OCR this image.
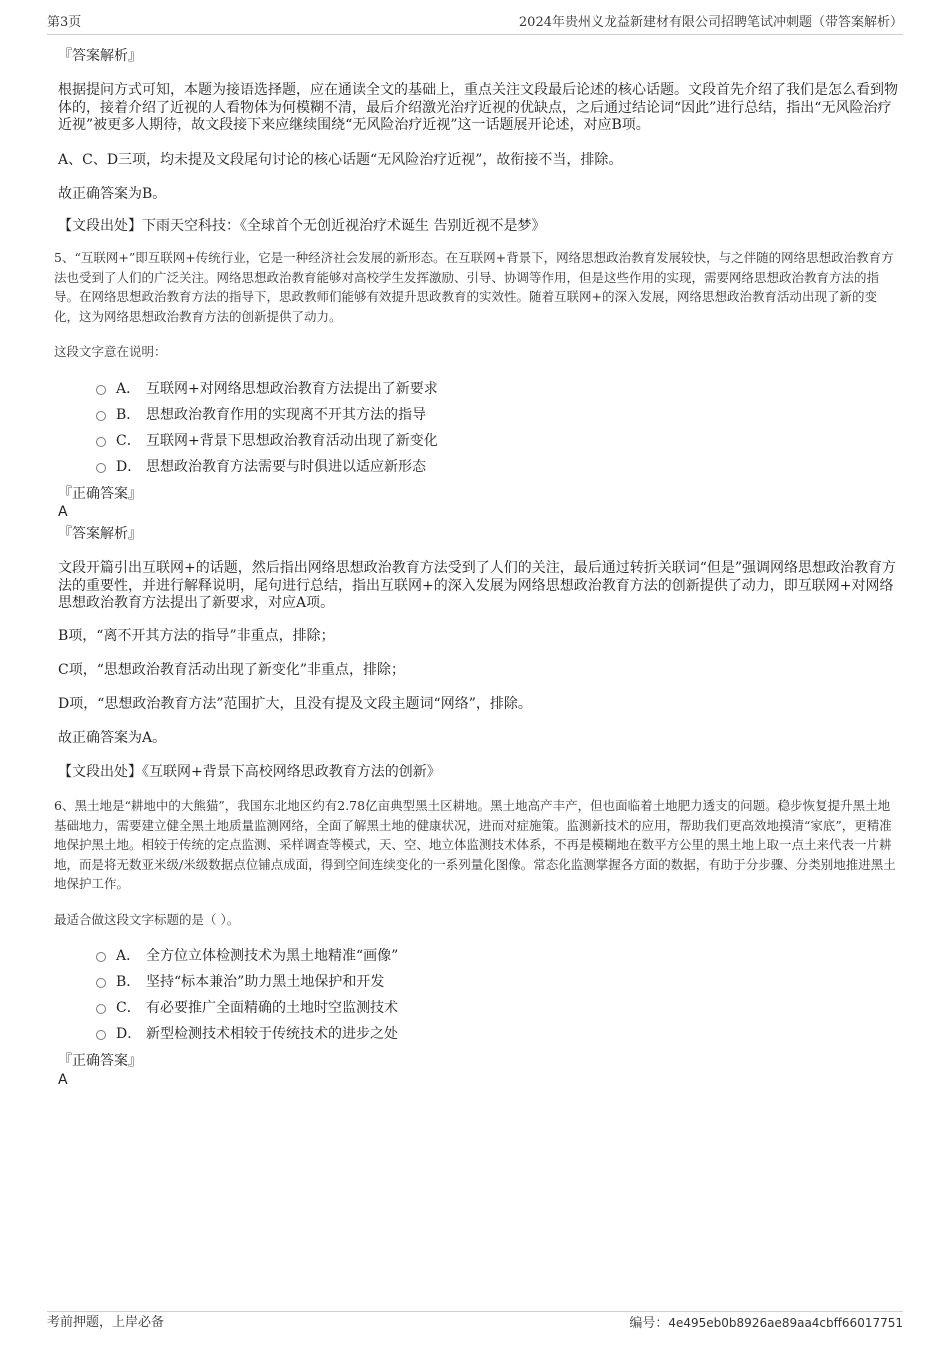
第3页	2024年贵州义龙益新建材有限公司招聘笔试冲刺题（带答案解析）
『答案解析』
根据提问方式可知，本题为接语选择题，应在通读全文的基础上，重点关注文段最后论述的核心话题。文段首先介绍了我们是怎么看到物体的，接着介绍了近视的人看物体为何模糊不清，最后介绍激光治疗近视的优缺点，之后通过结论词“因此”进行总结，指出“无风险治疗近视”被更多人期待，故文段接下来应继续围绕“无风险治疗近视”这一话题展开论述，对应B项。
A、C、D三项，均未提及文段尾句讨论的核心话题“无风险治疗近视”，故衔接不当，排除。
故正确答案为B。
【文段出处】下雨天空科技：《全球首个无创近视治疗术诞生 告别近视不是梦》
5、“互联网+”即互联网+传统行业，它是一种经济社会发展的新形态。在互联网+背景下，网络思想政治教育发展较快，与之伴随的网络思想政治教育方法也受到了人们的广泛关注。网络思想政治教育能够对高校学生发挥激励、引导、协调等作用，但是这些作用的实现，需要网络思想政治教育方法的指导。在网络思想政治教育方法的指导下，思政教师们能够有效提升思政教育的实效性。随着互联网+的深入发展，网络思想政治教育活动出现了新的变化，这为网络思想政治教育方法的创新提供了动力。
这段文字意在说明：
A． 互联网+对网络思想政治教育方法提出了新要求
B． 思想政治教育作用的实现离不开其方法的指导
C． 互联网+背景下思想政治教育活动出现了新变化
D． 思想政治教育方法需要与时俱进以适应新形态
『正确答案』
A
『答案解析』
文段开篇引出互联网+的话题，然后指出网络思想政治教育方法受到了人们的关注，最后通过转折关联词“但是”强调网络思想政治教育方法的重要性，并进行解释说明，尾句进行总结，指出互联网+的深入发展为网络思想政治教育方法的创新提供了动力，即互联网+对网络思想政治教育方法提出了新要求，对应A项。
B项，“离不开其方法的指导”非重点，排除；
C项，“思想政治教育活动出现了新变化”非重点，排除；
D项，“思想政治教育方法”范围扩大，且没有提及文段主题词“网络”，排除。
故正确答案为A。
【文段出处】《互联网+背景下高校网络思政教育方法的创新》
6、黑土地是“耕地中的大熊猫”，我国东北地区约有2.78亿亩典型黑土区耕地。黑土地高产丰产，但也面临着土地肥力透支的问题。稳步恢复提升黑土地基础地力，需要建立健全黑土地质量监测网络，全面了解黑土地的健康状况，进而对症施策。监测新技术的应用，帮助我们更高效地摸清“家底”，更精准地保护黑土地。相较于传统的定点监测、采样调查等模式，天、空、地立体监测技术体系，不再是模糊地在数平方公里的黑土地上取一点土来代表一片耕地，而是将无数亚米级/米级数据点位铺点成面，得到空间连续变化的一系列量化图像。常态化监测掌握各方面的数据，有助于分步骤、分类别地推进黑土地保护工作。
最适合做这段文字标题的是（ ）。
A． 全方位立体检测技术为黑土地精准“画像”
B． 坚持“标本兼治”助力黑土地保护和开发
C． 有必要推广全面精确的土地时空监测技术
D． 新型检测技术相较于传统技术的进步之处
『正确答案』
A
考前押题，上岸必备	编号：4e495eb0b8926ae89aa4cbff66017751
